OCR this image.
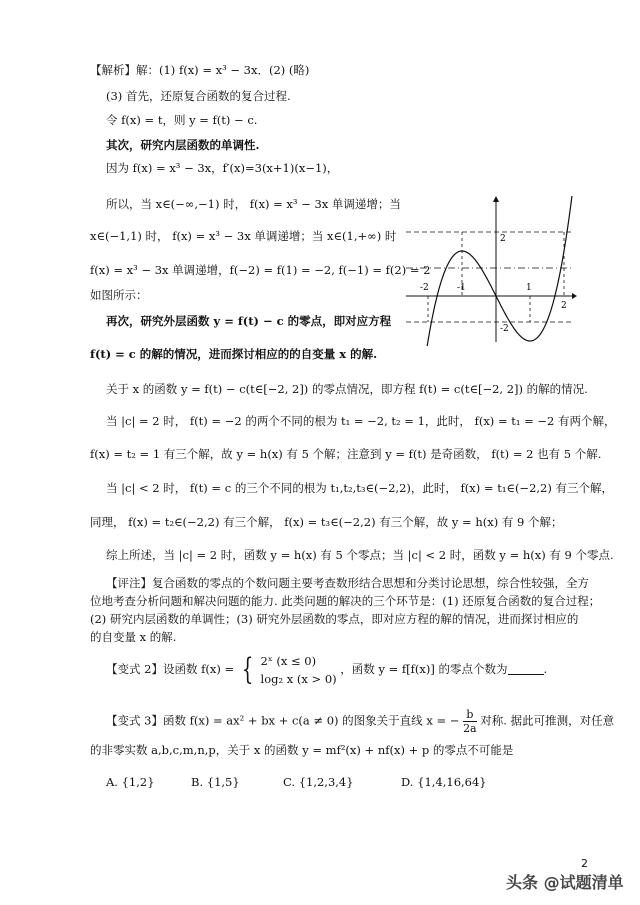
【解析】解：(1) f(x) = x³ − 3x．(2) (略)
(3) 首先，还原复合函数的复合过程.
令 f(x) = t，则 y = f(t) − c.
其次，研究内层函数的单调性.
因为 f(x) = x³ − 3x，f′(x)=3(x+1)(x−1)，
所以，当 x∈(−∞,−1) 时， f(x) = x³ − 3x 单调递增；当
x∈(−1,1) 时， f(x) = x³ − 3x 单调递增；当 x∈(1,+∞) 时
f(x) = x³ − 3x 单调递增，f(−2) = f(1) = −2, f(−1) = f(2) = 2
如图所示：
再次，研究外层函数 y = f(t) − c 的零点，即对应方程
f(t) = c 的解的情况，进而探讨相应的的自变量 x 的解.
关于 x 的函数 y = f(t) − c(t∈[−2, 2]) 的零点情况，即方程 f(t) = c(t∈[−2, 2]) 的解的情况.
当 |c| = 2 时， f(t) = −2 的两个不同的根为 t₁ = −2, t₂ = 1，此时， f(x) = t₁ = −2 有两个解，
f(x) = t₂ = 1 有三个解，故 y = h(x) 有 5 个解；注意到 y = f(t) 是奇函数， f(t) = 2 也有 5 个解.
当 |c| < 2 时， f(t) = c 的三个不同的根为 t₁,t₂,t₃∈(−2,2)，此时， f(x) = t₁∈(−2,2) 有三个解，
同理， f(x) = t₂∈(−2,2) 有三个解， f(x) = t₃∈(−2,2) 有三个解，故 y = h(x) 有 9 个解；
综上所述，当 |c| = 2 时，函数 y = h(x) 有 5 个零点；当 |c| < 2 时，函数 y = h(x) 有 9 个零点.
【评注】复合函数的零点的个数问题主要考查数形结合思想和分类讨论思想，综合性较强，全方
位地考查分析问题和解决问题的能力. 此类问题的解决的三个环节是：(1) 还原复合函数的复合过程；
(2) 研究内层函数的单调性；(3) 研究外层函数的零点，即对应方程的解的情况，进而探讨相应的
的自变量 x 的解.
【变式 2】设函数 f(x) = { 2ˣ (x ≤ 0)
log₂ x (x > 0) ，函数 y = f[f(x)] 的零点个数为	.
【变式 3】函数 f(x) = ax² + bx + c(a ≠ 0) 的图象关于直线 x = − $\frac{b}{2a}$ 对称. 据此可推测，对任意
的非零实数 a,b,c,m,n,p，关于 x 的函数 y = mf²(x) + nf(x) + p 的零点不可能是
A. {1,2}	B. {1,5}	C. {1,2,3,4}	D. {1,4,16,64}
2
-2
-2	-1	1
2
2
头条 @试题清单
